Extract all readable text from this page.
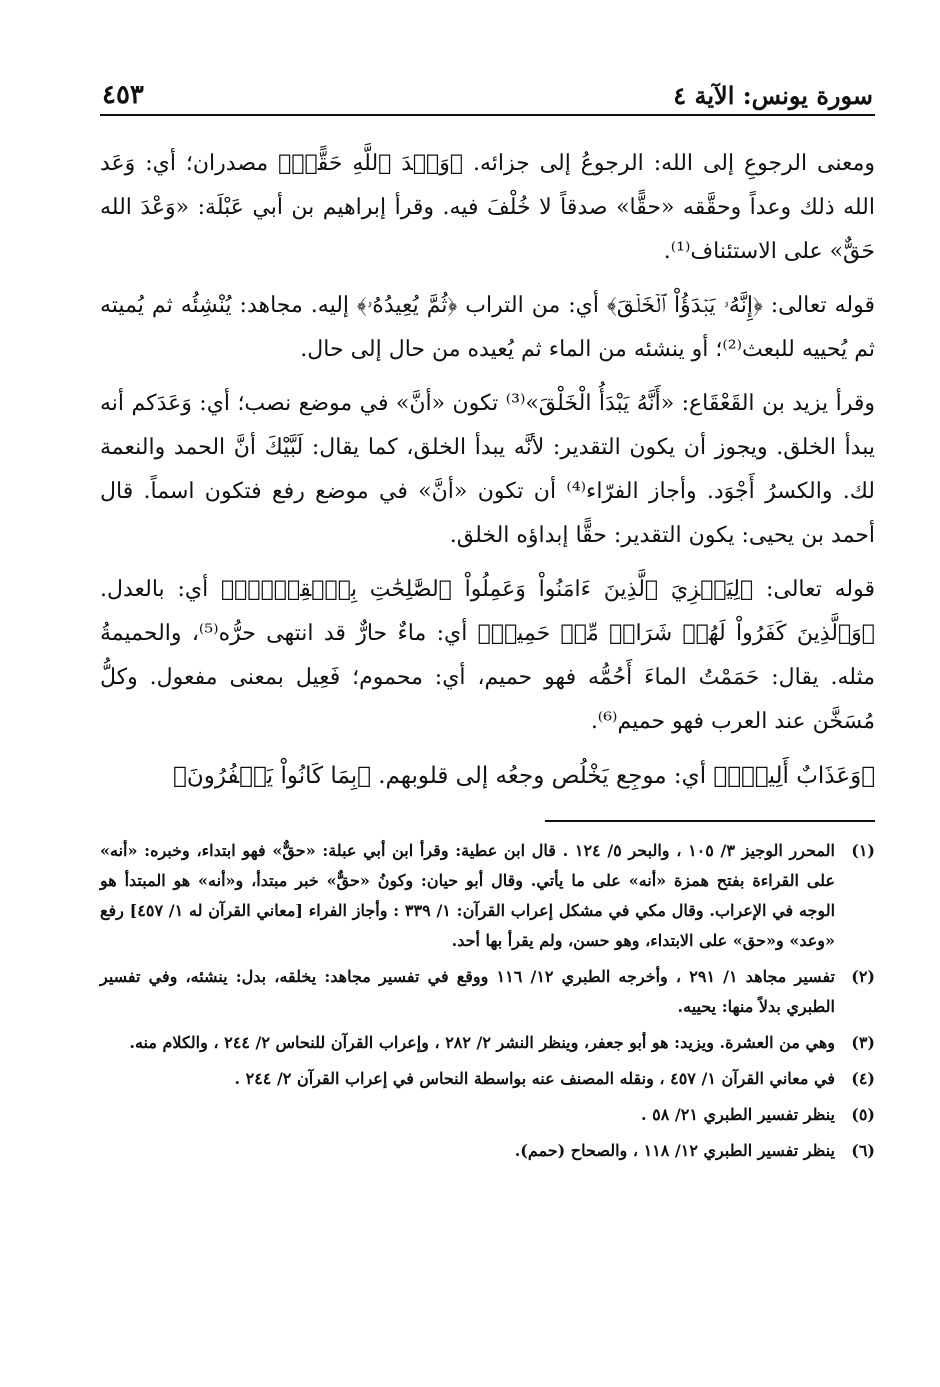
سورة يونس: الآية ٤
٤٥٣

ومعنى الرجوعِ إلى الله: الرجوعُ إلى جزائه. ﴿وَعۡدَ ٱللَّهِ حَقًّاۚ﴾ مصدران؛ أي: وَعَد الله ذلك وعداً وحقَّقه «حقًّا» صدقاً لا خُلْفَ فيه. وقرأ إبراهيم بن أبي عَبْلَة: «وَعْدَ الله حَقٌّ» على الاستئناف⁽¹⁾.

قوله تعالى: ﴿إِنَّهُۥ يَبۡدَؤُاْ ٱلۡخَلۡقَ﴾ أي: من التراب ﴿ثُمَّ يُعِيدُهُۥ﴾ إليه. مجاهد: يُنْشِئُه ثم يُميته ثم يُحييه للبعث⁽²⁾؛ أو ينشئه من الماء ثم يُعيده من حال إلى حال.

وقرأ يزيد بن القَعْقَاع: «أَنَّهُ يَبْدَأُ الْخَلْقَ»⁽³⁾ تكون «أنَّ» في موضع نصب؛ أي: وَعَدَكم أنه يبدأ الخلق. ويجوز أن يكون التقدير: لأنَّه يبدأ الخلق، كما يقال: لَبَّيْكَ أنَّ الحمد والنعمة لك. والكسرُ أَجْوَد. وأجاز الفرّاء⁽⁴⁾ أن تكون «أنَّ» في موضع رفع فتكون اسماً. قال أحمد بن يحيى: يكون التقدير: حقًّا إبداؤه الخلق.

قوله تعالى: ﴿لِيَجۡزِيَ ٱلَّذِينَ ءَامَنُواْ وَعَمِلُواْ ٱلصَّٰلِحَٰتِ بِٱلۡقِسۡطِۚ﴾ أي: بالعدل. ﴿وَٱلَّذِينَ كَفَرُواْ لَهُمۡ شَرَابٞ مِّنۡ حَمِيمٖ﴾ أي: ماءٌ حارٌّ قد انتهى حرُّه⁽⁵⁾، والحميمةُ مثله. يقال: حَمَمْتُ الماءَ أَحُمُّه فهو حميم، أي: محموم؛ فَعِيل بمعنى مفعول. وكلُّ مُسَخَّن عند العرب فهو حميم⁽⁶⁾.

﴿وَعَذَابٌ أَلِيمُۢ﴾ أي: موجِع يَخْلُص وجعُه إلى قلوبهم. ﴿بِمَا كَانُواْ يَكۡفُرُونَ﴾

(١)
المحرر الوجيز ٣/ ١٠٥ ، والبحر ٥/ ١٢٤ . قال ابن عطية: وقرأ ابن أبي عبلة: «حقٌّ» فهو ابتداء، وخبره: «أنه» على القراءة بفتح همزة «أنه» على ما يأتي. وقال أبو حيان: وكونُ «حقٌّ» خبر مبتدأ، و«أنه» هو المبتدأ هو الوجه في الإعراب. وقال مكي في مشكل إعراب القرآن: ١/ ٣٣٩ : وأجاز الفراء [معاني القرآن له ١/ ٤٥٧] رفع «وعد» و«حق» على الابتداء، وهو حسن، ولم يقرأ بها أحد.
(٢)
تفسير مجاهد ١/ ٢٩١ ، وأخرجه الطبري ١٢/ ١١٦ ووقع في تفسير مجاهد: يخلقه، بدل: ينشئه، وفي تفسير الطبري بدلاً منها: يحييه.
(٣)
وهي من العشرة. ويزيد: هو أبو جعفر، وينظر النشر ٢/ ٢٨٢ ، وإعراب القرآن للنحاس ٢/ ٢٤٤ ، والكلام منه.
(٤)
في معاني القرآن ١/ ٤٥٧ ، ونقله المصنف عنه بواسطة النحاس في إعراب القرآن ٢/ ٢٤٤ .
(٥)
ينظر تفسير الطبري ٢١/ ٥٨ .
(٦)
ينظر تفسير الطبري ١٢/ ١١٨ ، والصحاح (حمم).
